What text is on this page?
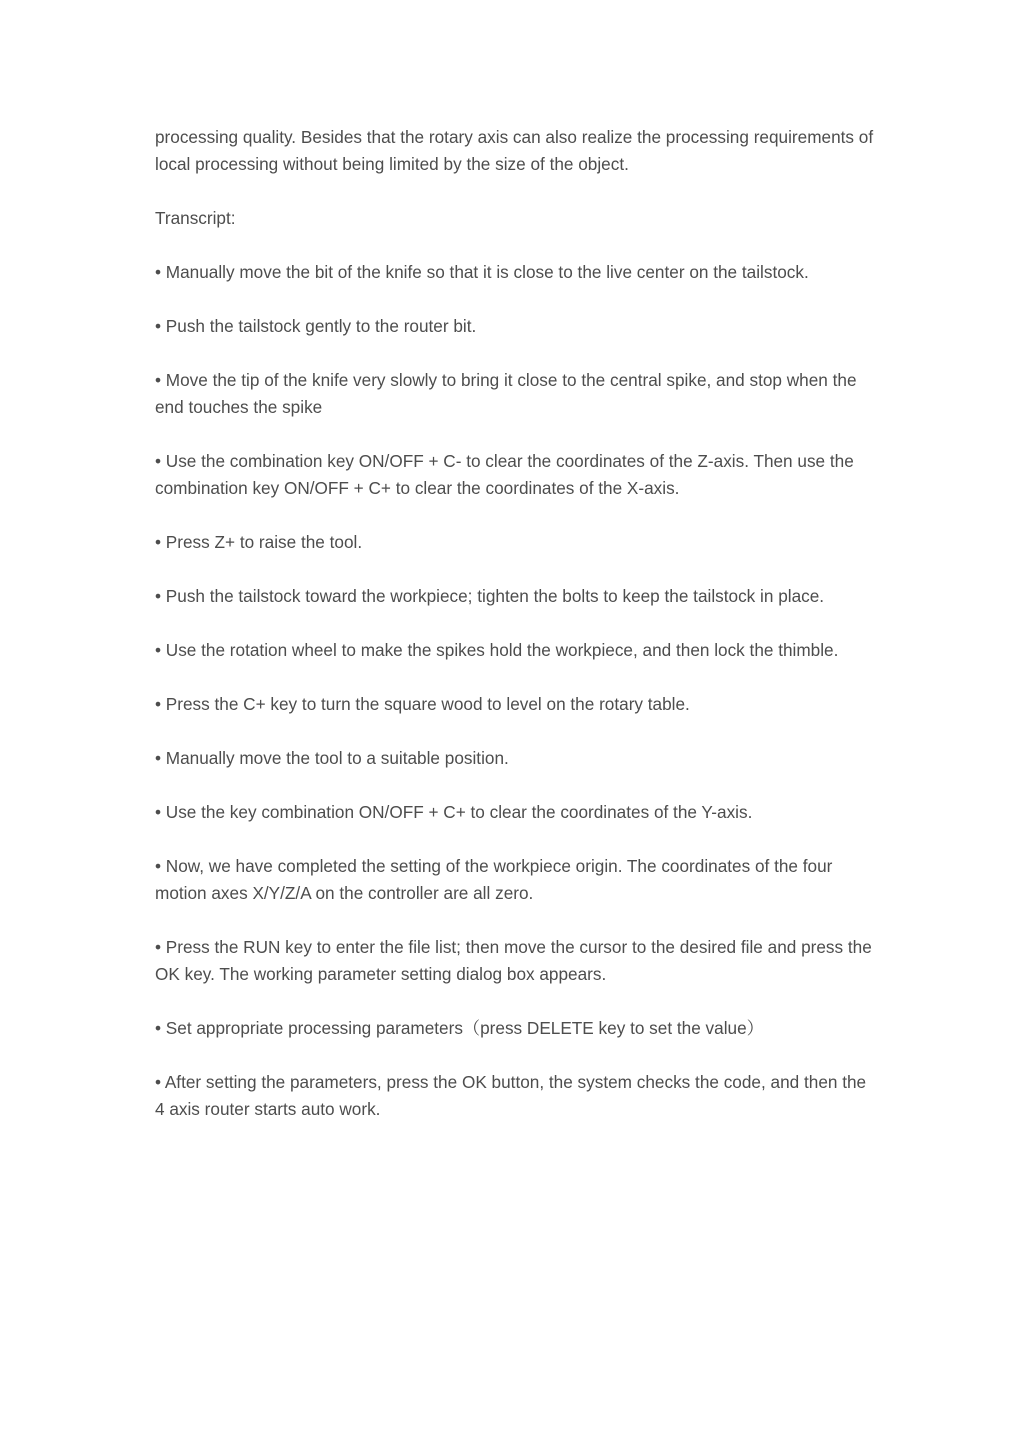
processing quality. Besides that the rotary axis can also realize the processing requirements of local processing without being limited by the size of the object.

Transcript:

• Manually move the bit of the knife so that it is close to the live center on the tailstock.

• Push the tailstock gently to the router bit.

• Move the tip of the knife very slowly to bring it close to the central spike, and stop when the end touches the spike

• Use the combination key ON/OFF + C- to clear the coordinates of the Z-axis. Then use the combination key ON/OFF + C+ to clear the coordinates of the X-axis.

• Press Z+ to raise the tool.

• Push the tailstock toward the workpiece; tighten the bolts to keep the tailstock in place.

• Use the rotation wheel to make the spikes hold the workpiece, and then lock the thimble.

• Press the C+ key to turn the square wood to level on the rotary table.

• Manually move the tool to a suitable position.

• Use the key combination ON/OFF + C+ to clear the coordinates of the Y-axis.

• Now, we have completed the setting of the workpiece origin. The coordinates of the four motion axes X/Y/Z/A on the controller are all zero.

• Press the RUN key to enter the file list; then move the cursor to the desired file and press the OK key. The working parameter setting dialog box appears.

• Set appropriate processing parameters（press DELETE key to set the value）

• After setting the parameters, press the OK button, the system checks the code, and then the 4 axis router starts auto work.
